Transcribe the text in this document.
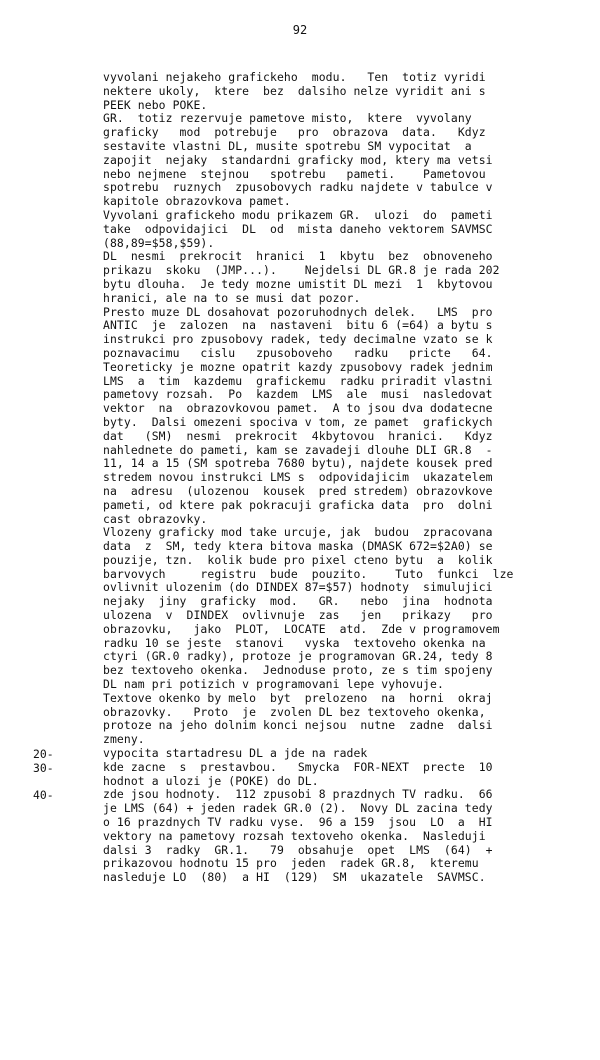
92
vyvolani nejakeho grafickeho  modu.   Ten  totiz vyridi
nektere ukoly,  ktere  bez  dalsiho nelze vyridit ani s
PEEK nebo POKE.
GR.  totiz rezervuje pametove misto,  ktere  vyvolany
graficky   mod  potrebuje   pro  obrazova  data.   Kdyz
sestavite vlastni DL, musite spotrebu SM vypocitat  a
zapojit  nejaky  standardni graficky mod, ktery ma vetsi
nebo nejmene  stejnou   spotrebu   pameti.    Pametovou
spotrebu  ruznych  zpusobovych radku najdete v tabulce v
kapitole obrazovkova pamet.
Vyvolani grafickeho modu prikazem GR.  ulozi  do  pameti
take  odpovidajici  DL  od  mista daneho vektorem SAVMSC
(88,89=$58,$59).
DL  nesmi  prekrocit  hranici  1  kbytu  bez  obnoveneho
prikazu  skoku  (JMP...).    Nejdelsi DL GR.8 je rada 202
bytu dlouha.  Je tedy mozne umistit DL mezi  1  kbytovou
hranici, ale na to se musi dat pozor.
Presto muze DL dosahovat pozoruhodnych delek.   LMS  pro
ANTIC  je  zalozen  na  nastaveni  bitu 6 (=64) a bytu s
instrukci pro zpusobovy radek, tedy decimalne vzato se k
poznavacimu   cislu   zpusoboveho   radku   pricte   64.
Teoreticky je mozne opatrit kazdy zpusobovy radek jednim
LMS  a  tim  kazdemu  grafickemu  radku priradit vlastni
pametovy rozsah.  Po  kazdem  LMS  ale  musi  nasledovat
vektor  na  obrazovkovou pamet.  A to jsou dva dodatecne
byty.  Dalsi omezeni spociva v tom, ze pamet  grafickych
dat   (SM)  nesmi  prekrocit  4kbytovou  hranici.   Kdyz
nahlednete do pameti, kam se zavadeji dlouhe DLI GR.8  -
11, 14 a 15 (SM spotreba 7680 bytu), najdete kousek pred
stredem novou instrukci LMS s  odpovidajicim  ukazatelem
na  adresu  (ulozenou  kousek  pred stredem) obrazovkove
pameti, od ktere pak pokracuji graficka data  pro  dolni
cast obrazovky.
Vlozeny graficky mod take urcuje, jak  budou  zpracovana
data  z  SM, tedy ktera bitova maska (DMASK 672=$2A0) se
pouzije, tzn.  kolik bude pro pixel cteno bytu  a  kolik
barvovych     registru  bude  pouzito.    Tuto  funkci  lze
ovlivnit ulozenim (do DINDEX 87=$57) hodnoty  simulujici
nejaky  jiny  graficky  mod.   GR.   nebo  jina  hodnota
ulozena  v  DINDEX  ovlivnuje  zas   jen   prikazy   pro
obrazovku,   jako  PLOT,  LOCATE  atd.  Zde v programovem
radku 10 se jeste  stanovi   vyska  textoveho okenka na
ctyri (GR.0 radky), protoze je programovan GR.24, tedy 8
bez textoveho okenka.  Jednoduse proto, ze s tim spojeny
DL nam pri potizich v programovani lepe vyhovuje.
Textove okenko by melo  byt  prelozeno  na  horni  okraj
obrazovky.   Proto  je  zvolen DL bez textoveho okenka,
protoze na jeho dolnim konci nejsou  nutne  zadne  dalsi
zmeny.
20-	vypocita startadresu DL a jde na radek
30-	kde zacne  s  prestavbou.   Smycka  FOR-NEXT  precte  10
hodnot a ulozi je (POKE) do DL.
40-	zde jsou hodnoty.  112 zpusobi 8 prazdnych TV radku.  66
je LMS (64) + jeden radek GR.0 (2).  Novy DL zacina tedy
o 16 prazdnych TV radku vyse.  96 a 159  jsou  LO  a  HI
vektory na pametovy rozsah textoveho okenka.  Nasleduji
dalsi 3  radky  GR.1.   79  obsahuje  opet  LMS  (64)  +
prikazovou hodnotu 15 pro  jeden  radek GR.8,  kteremu
nasleduje LO  (80)  a HI  (129)  SM  ukazatele  SAVMSC.
